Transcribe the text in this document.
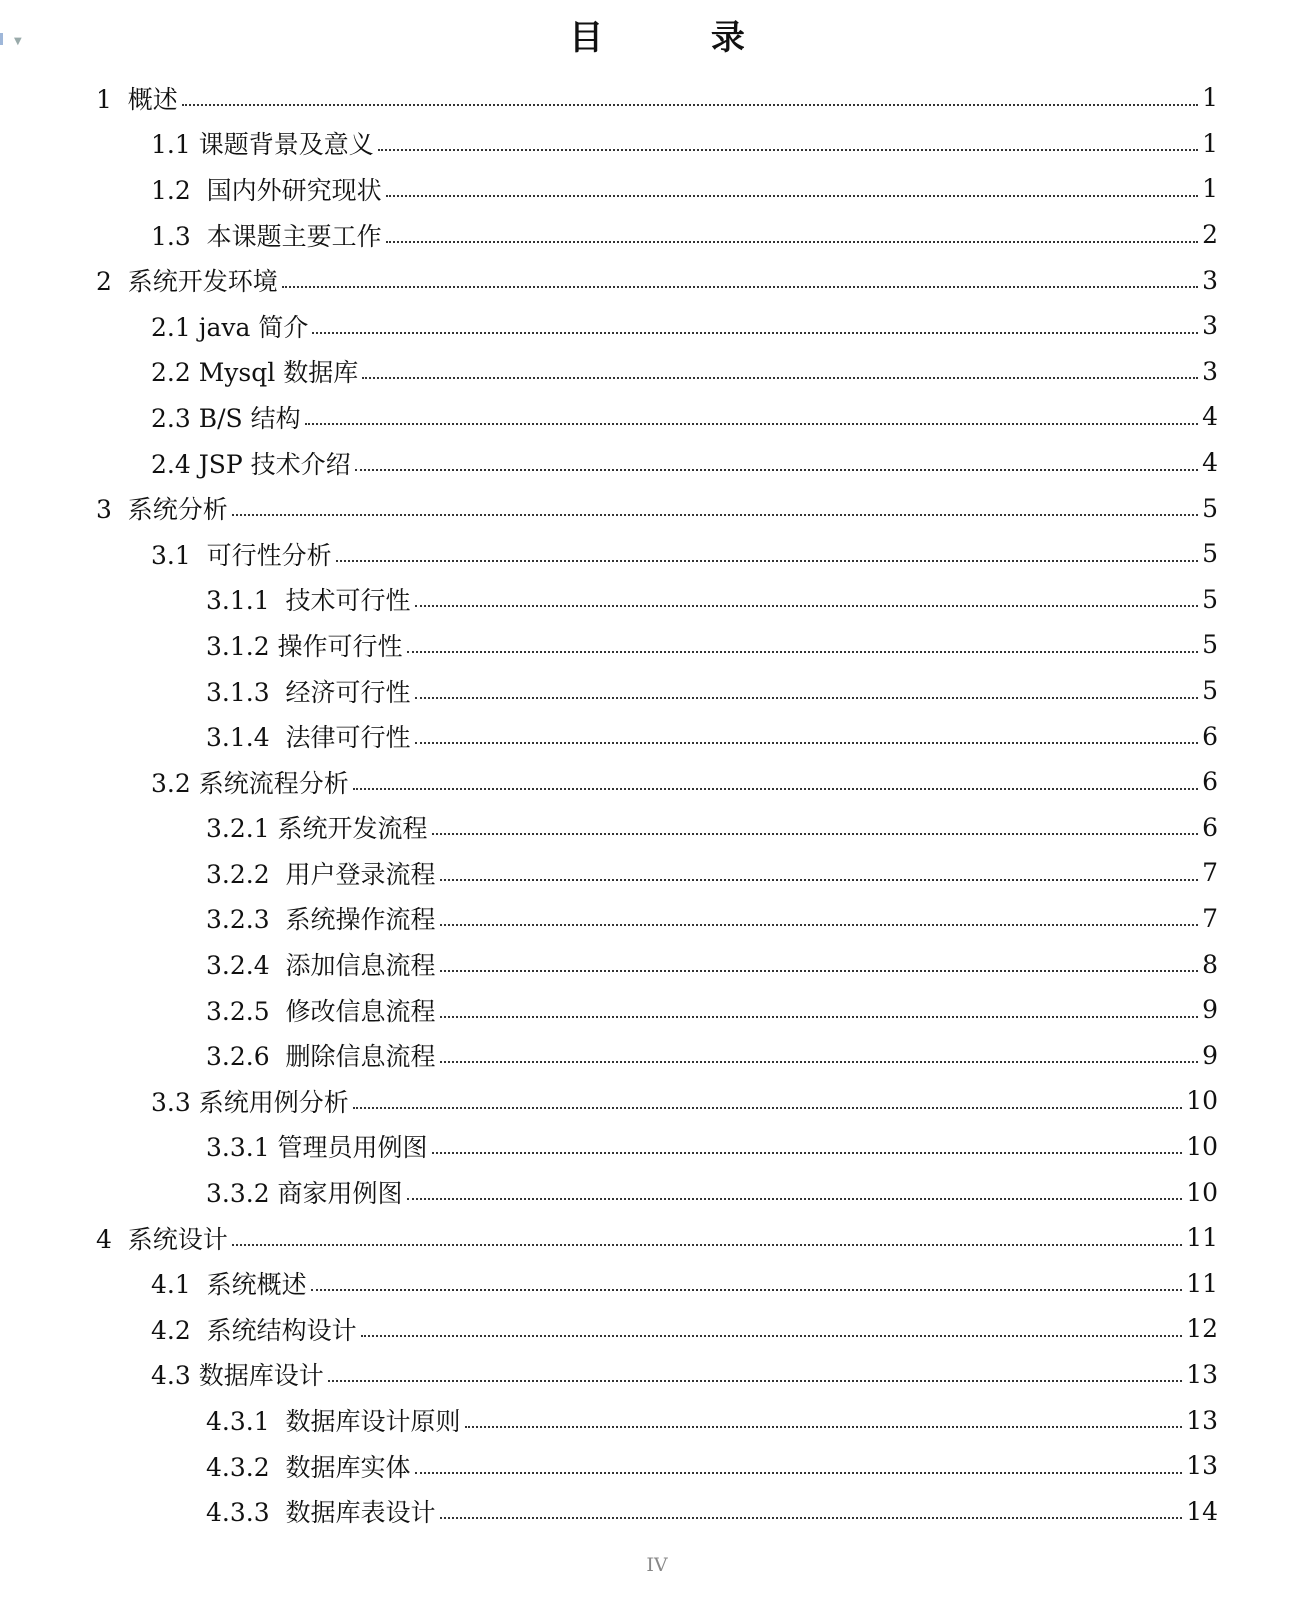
▼	目 录
1  概述	1
1.1 课题背景及意义	1
1.2  国内外研究现状	1
1.3  本课题主要工作	2
2  系统开发环境	3
2.1 java 简介	3
2.2 Mysql 数据库	3
2.3 B/S 结构	4
2.4 JSP 技术介绍	4
3  系统分析	5
3.1  可行性分析	5
3.1.1  技术可行性	5
3.1.2 操作可行性	5
3.1.3  经济可行性	5
3.1.4  法律可行性	6
3.2 系统流程分析	6
3.2.1 系统开发流程	6
3.2.2  用户登录流程	7
3.2.3  系统操作流程	7
3.2.4  添加信息流程	8
3.2.5  修改信息流程	9
3.2.6  删除信息流程	9
3.3 系统用例分析	10
3.3.1 管理员用例图	10
3.3.2 商家用例图	10
4  系统设计	11
4.1  系统概述	11
4.2  系统结构设计	12
4.3 数据库设计	13
4.3.1  数据库设计原则	13
4.3.2  数据库实体	13
4.3.3  数据库表设计	14
IV
